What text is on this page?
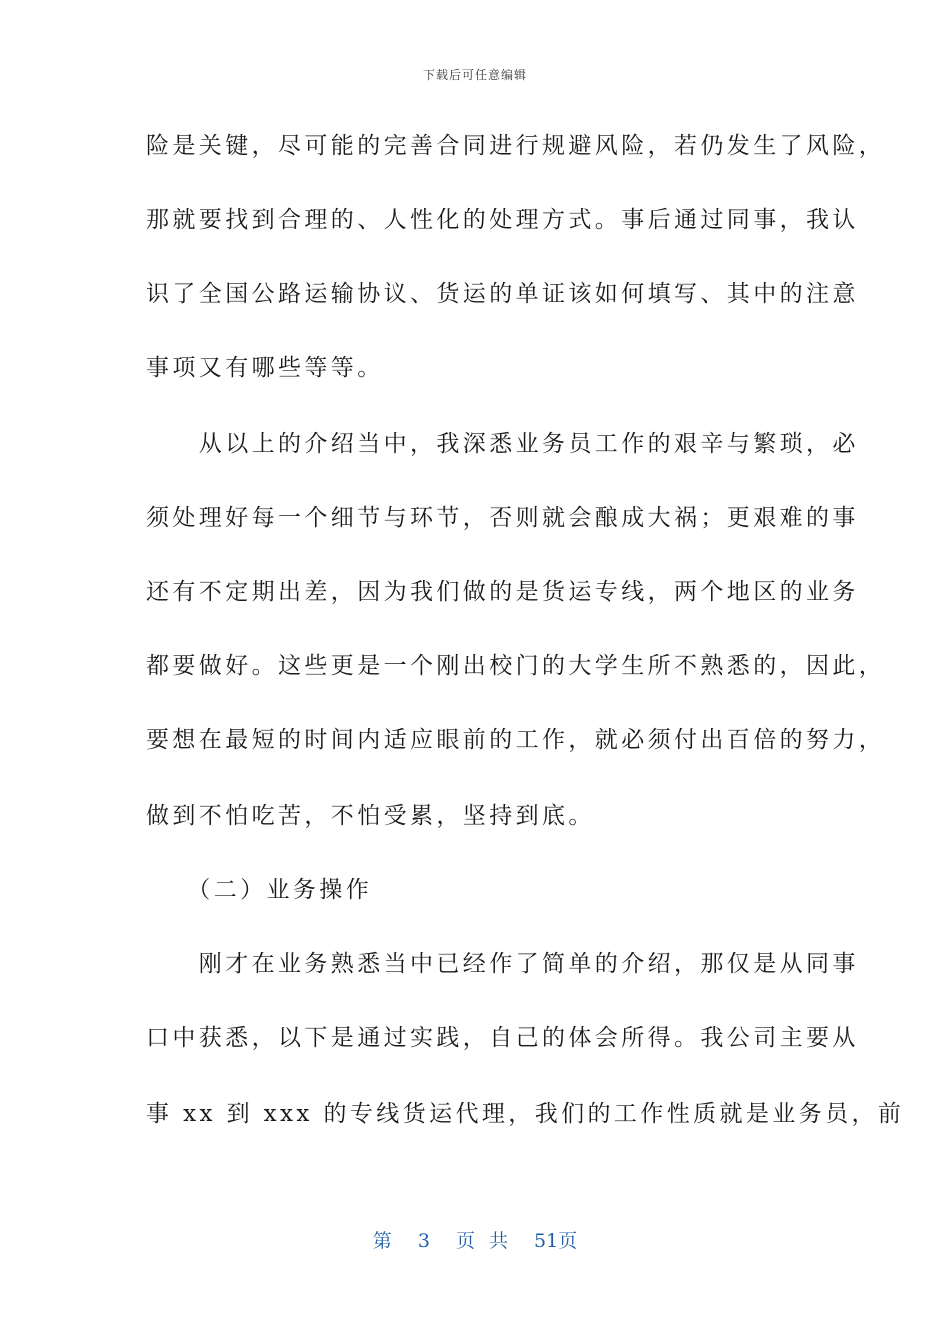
下载后可任意编辑
险是关键，尽可能的完善合同进行规避风险，若仍发生了风险，
那就要找到合理的、人性化的处理方式。事后通过同事，我认
识了全国公路运输协议、货运的单证该如何填写、其中的注意
事项又有哪些等等。
　　从以上的介绍当中，我深悉业务员工作的艰辛与繁琐，必
须处理好每一个细节与环节，否则就会酿成大祸；更艰难的事
还有不定期出差，因为我们做的是货运专线，两个地区的业务
都要做好。这些更是一个刚出校门的大学生所不熟悉的，因此，
要想在最短的时间内适应眼前的工作，就必须付出百倍的努力，
做到不怕吃苦，不怕受累，坚持到底。
　　（二）业务操作
　　刚才在业务熟悉当中已经作了简单的介绍，那仅是从同事
口中获悉，以下是通过实践，自己的体会所得。我公司主要从
事 xx 到 xxx 的专线货运代理，我们的工作性质就是业务员，前
第 3 页 共 51页
